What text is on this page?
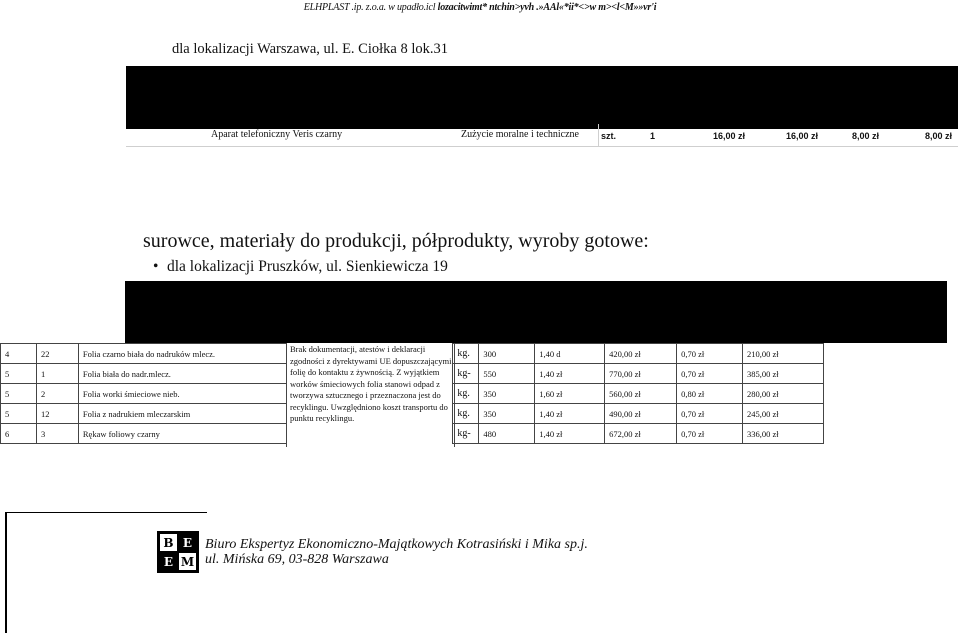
ELHPLAST .ip. z.o.a. w upadło.icl lozacitwimt* ntchin>yvh .»AAl«*ii*<>w m><l<M»»vr'i
dla lokalizacji Warszawa, ul. E. Ciołka 8 lok.31
Aparat telefoniczny Veris czarny	Zużycie moralne i techniczne szt.	1	16,00 zł	16,00 zł	8,00 zł	8,00 zł
surowce, materiały do produkcji, półprodukty, wyroby gotowe:
• dla lokalizacji Pruszków, ul. Sienkiewicza 19
4	22	Folia czarno biała do nadruków mlecz.		kg.	300	1,40 d	420,00 zł	0,70 zł	210,00 zł
5	1	Folia biała do nadr.mlecz.		kg-	550	1,40 zł	770,00 zł	0,70 zł	385,00 zł
5	2	Folia worki śmieciowe nieb.		kg.	350	1,60 zł	560,00 zł	0,80 zł	280,00 zł
5	12	Folia z nadrukiem mleczarskim		kg.	350	1,40 zł	490,00 zł	0,70 zł	245,00 zł
6	3	Rękaw foliowy czarny		kg-	480	1,40 zł	672,00 zł	0,70 zł	336,00 zł
Brak dokumentacji, atestów i deklaracji zgodności z dyrektywami UE dopuszczającymi folię do kontaktu z żywnością. Z wyjątkiem worków śmieciowych folia stanowi odpad z tworzywa sztucznego i przeznaczona jest do recyklingu. Uwzględniono koszt transportu do punktu recyklingu.
B E
E M
Biuro Ekspertyz Ekonomiczno-Majątkowych Kotrasiński i Mika sp.j.
ul. Mińska 69, 03-828 Warszawa
